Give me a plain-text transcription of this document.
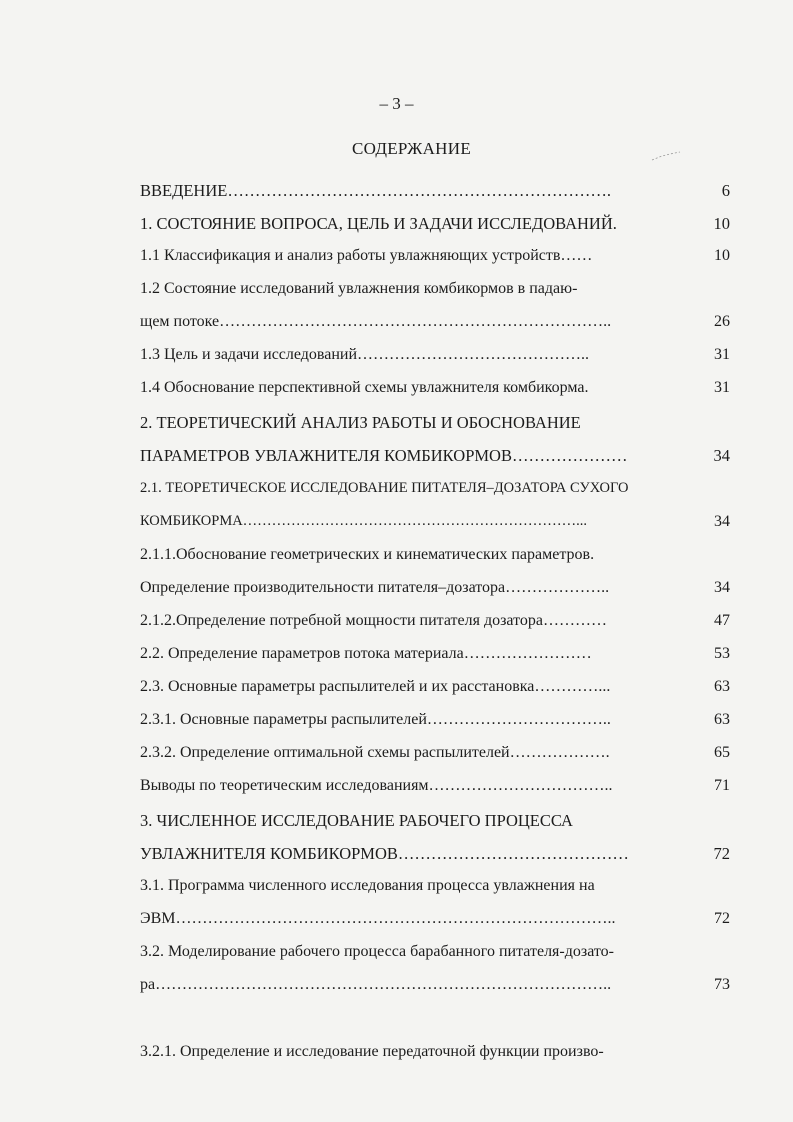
– 3 –
СОДЕРЖАНИЕ
ВВЕДЕНИЕ…………………………………………………………….	6
1. СОСТОЯНИЕ ВОПРОСА, ЦЕЛЬ И ЗАДАЧИ ИССЛЕДОВАНИЙ.	10
1.1 Классификация и анализ работы увлажняющих устройств……	10
1.2 Состояние исследований увлажнения комбикормов в падаю-
щем потоке………………………………………………………………..	26
1.3 Цель и задачи исследований……………………………………..	31
1.4 Обоснование перспективной схемы увлажнителя комбикорма.	31
2. ТЕОРЕТИЧЕСКИЙ АНАЛИЗ РАБОТЫ И ОБОСНОВАНИЕ
ПАРАМЕТРОВ УВЛАЖНИТЕЛЯ КОМБИКОРМОВ…………………	34
2.1. ТЕОРЕТИЧЕСКОЕ ИССЛЕДОВАНИЕ ПИТАТЕЛЯ–ДОЗАТОРА СУХОГО
КОМБИКОРМА……………………………………………………………...	34
2.1.1.Обоснование геометрических и кинематических параметров.
Определение производительности питателя–дозатора………………..	34
2.1.2.Определение потребной мощности питателя дозатора…………	47
2.2. Определение параметров потока материала……………………	53
2.3. Основные параметры распылителей и их расстановка…………...	63
2.3.1. Основные параметры распылителей……………………………..	63
2.3.2. Определение оптимальной схемы распылителей……………….	65
Выводы по теоретическим исследованиям……………………………..	71
3. ЧИСЛЕННОЕ ИССЛЕДОВАНИЕ РАБОЧЕГО ПРОЦЕССА
УВЛАЖНИТЕЛЯ КОМБИКОРМОВ……………………………………	72
3.1. Программа численного исследования процесса увлажнения на
ЭВМ………………………………………………………………………..	72
3.2. Моделирование рабочего процесса барабанного питателя-дозато-
ра…………………………………………………………………………..	73
3.2.1. Определение и исследование передаточной функции произво-
